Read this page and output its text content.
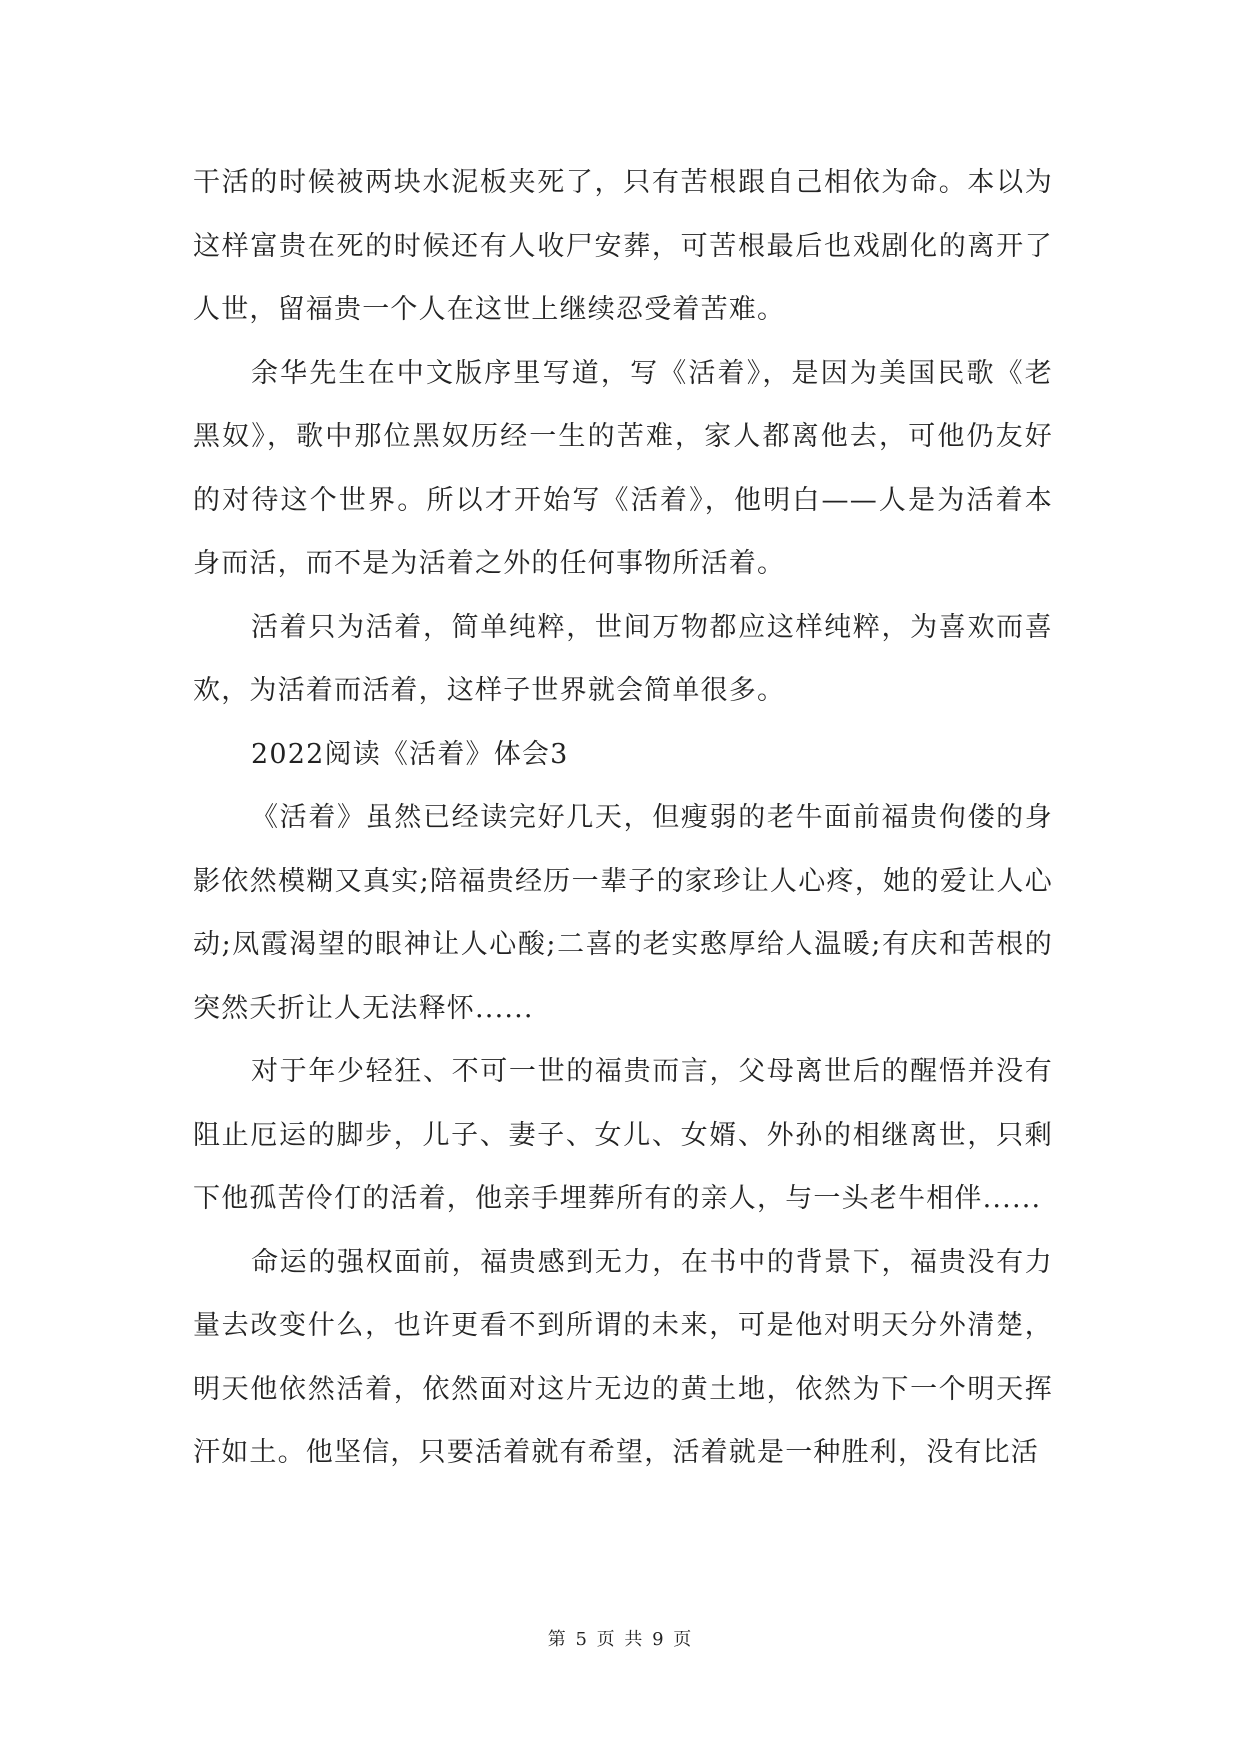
干活的时候被两块水泥板夹死了，只有苦根跟自己相依为命。本以为这样富贵在死的时候还有人收尸安葬，可苦根最后也戏剧化的离开了人世，留福贵一个人在这世上继续忍受着苦难。

余华先生在中文版序里写道，写《活着》，是因为美国民歌《老黑奴》，歌中那位黑奴历经一生的苦难，家人都离他去，可他仍友好的对待这个世界。所以才开始写《活着》，他明白——人是为活着本身而活，而不是为活着之外的任何事物所活着。

活着只为活着，简单纯粹，世间万物都应这样纯粹，为喜欢而喜欢，为活着而活着，这样子世界就会简单很多。

2022阅读《活着》体会3

《活着》虽然已经读完好几天，但瘦弱的老牛面前福贵佝偻的身影依然模糊又真实;陪福贵经历一辈子的家珍让人心疼，她的爱让人心动;凤霞渴望的眼神让人心酸;二喜的老实憨厚给人温暖;有庆和苦根的突然夭折让人无法释怀......

对于年少轻狂、不可一世的福贵而言，父母离世后的醒悟并没有阻止厄运的脚步，儿子、妻子、女儿、女婿、外孙的相继离世，只剩下他孤苦伶仃的活着，他亲手埋葬所有的亲人，与一头老牛相伴......

命运的强权面前，福贵感到无力，在书中的背景下，福贵没有力量去改变什么，也许更看不到所谓的未来，可是他对明天分外清楚，明天他依然活着，依然面对这片无边的黄土地，依然为下一个明天挥汗如土。他坚信，只要活着就有希望，活着就是一种胜利，没有比活

第 5 页 共 9 页
